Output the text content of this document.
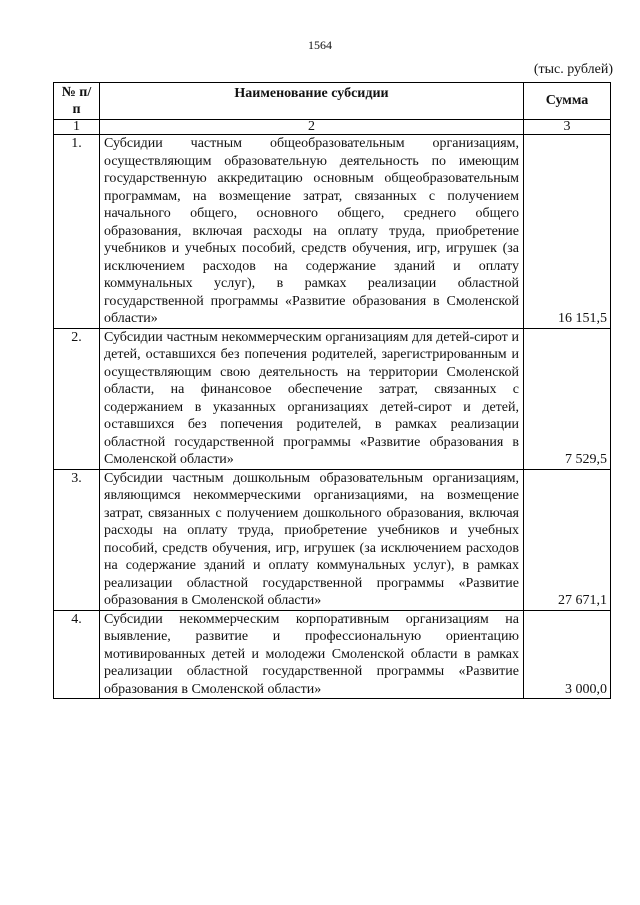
1564
(тыс. рублей)
№ п/п	Наименование субсидии	Сумма
1	2	3
1.	Субсидии частным общеобразовательным организациям, осуществляющим образовательную деятельность по имеющим государственную аккредитацию основным общеобразовательным программам, на возмещение затрат, связанных с получением начального общего, основного общего, среднего общего образования, включая расходы на оплату труда, приобретение учебников и учебных пособий, средств обучения, игр, игрушек (за исключением расходов на содержание зданий и оплату коммунальных услуг), в рамках реализации областной государственной программы «Развитие образования в Смоленской области»	16 151,5
2.	Субсидии частным некоммерческим организациям для детей-сирот и детей, оставшихся без попечения родителей, зарегистрированным и осуществляющим свою деятельность на территории Смоленской области, на финансовое обеспечение затрат, связанных с содержанием в указанных организациях детей-сирот и детей, оставшихся без попечения родителей, в рамках реализации областной государственной программы «Развитие образования в Смоленской области»	7 529,5
3.	Субсидии частным дошкольным образовательным организациям, являющимся некоммерческими организациями, на возмещение затрат, связанных с получением дошкольного образования, включая расходы на оплату труда, приобретение учебников и учебных пособий, средств обучения, игр, игрушек (за исключением расходов на содержание зданий и оплату коммунальных услуг), в рамках реализации областной государственной программы «Развитие образования в Смоленской области»	27 671,1
4.	Субсидии некоммерческим корпоративным организациям на выявление, развитие и профессиональную ориентацию мотивированных детей и молодежи Смоленской области в рамках реализации областной государственной программы «Развитие образования в Смоленской области»	3 000,0
